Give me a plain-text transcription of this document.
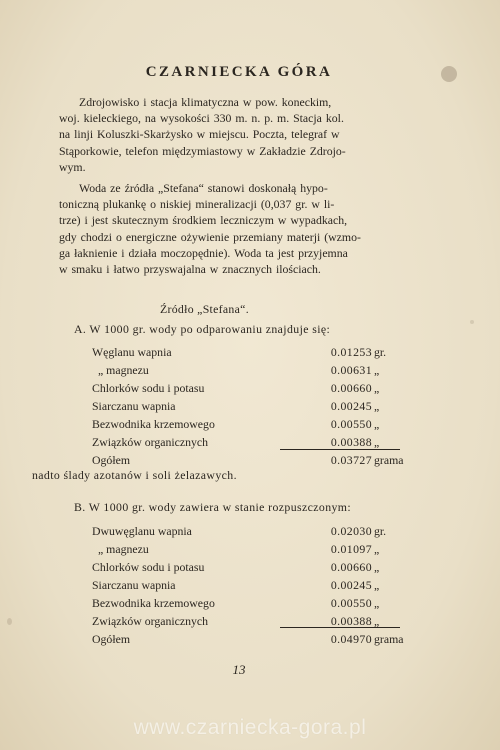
CZARNIECKA GÓRA
Zdrojowisko i stacja klimatyczna w pow. koneckim,
woj. kieleckiego, na wysokości 330 m. n. p. m. Stacja kol.
na linji Koluszki-Skarżysko w miejscu. Poczta, telegraf w
Stąporkowie, telefon międzymiastowy w Zakładzie Zdrojo-
wym.
Woda ze źródła „Stefana“ stanowi doskonałą hypo-
toniczną plukankę o niskiej mineralizacji (0,037 gr. w li-
trze) i jest skutecznym środkiem leczniczym w wypadkach,
gdy chodzi o energiczne ożywienie przemiany materji (wzmo-
ga łaknienie i działa moczopędnie). Woda ta jest przyjemna
w smaku i łatwo przyswajalna w znacznych ilościach.
Źródło „Stefana“.
A. W 1000 gr. wody po odparowaniu znajduje się:
Węglanu wapnia	0.01253 gr.
„ magnezu	0.00631 „
Chlorków sodu i potasu	0.00660 „
Siarczanu wapnia	0.00245 „
Bezwodnika krzemowego	0.00550 „
Związków organicznych	0.00388 „
Ogółem	0.03727 grama
nadto ślady azotanów i soli żelazawych.
B. W 1000 gr. wody zawiera w stanie rozpuszczonym:
Dwuwęglanu wapnia	0.02030 gr.
„ magnezu	0.01097 „
Chlorków sodu i potasu	0.00660 „
Siarczanu wapnia	0.00245 „
Bezwodnika krzemowego	0.00550 „
Związków organicznych	0.00388 „
Ogółem	0.04970 grama
13
www.czarniecka-gora.pl
